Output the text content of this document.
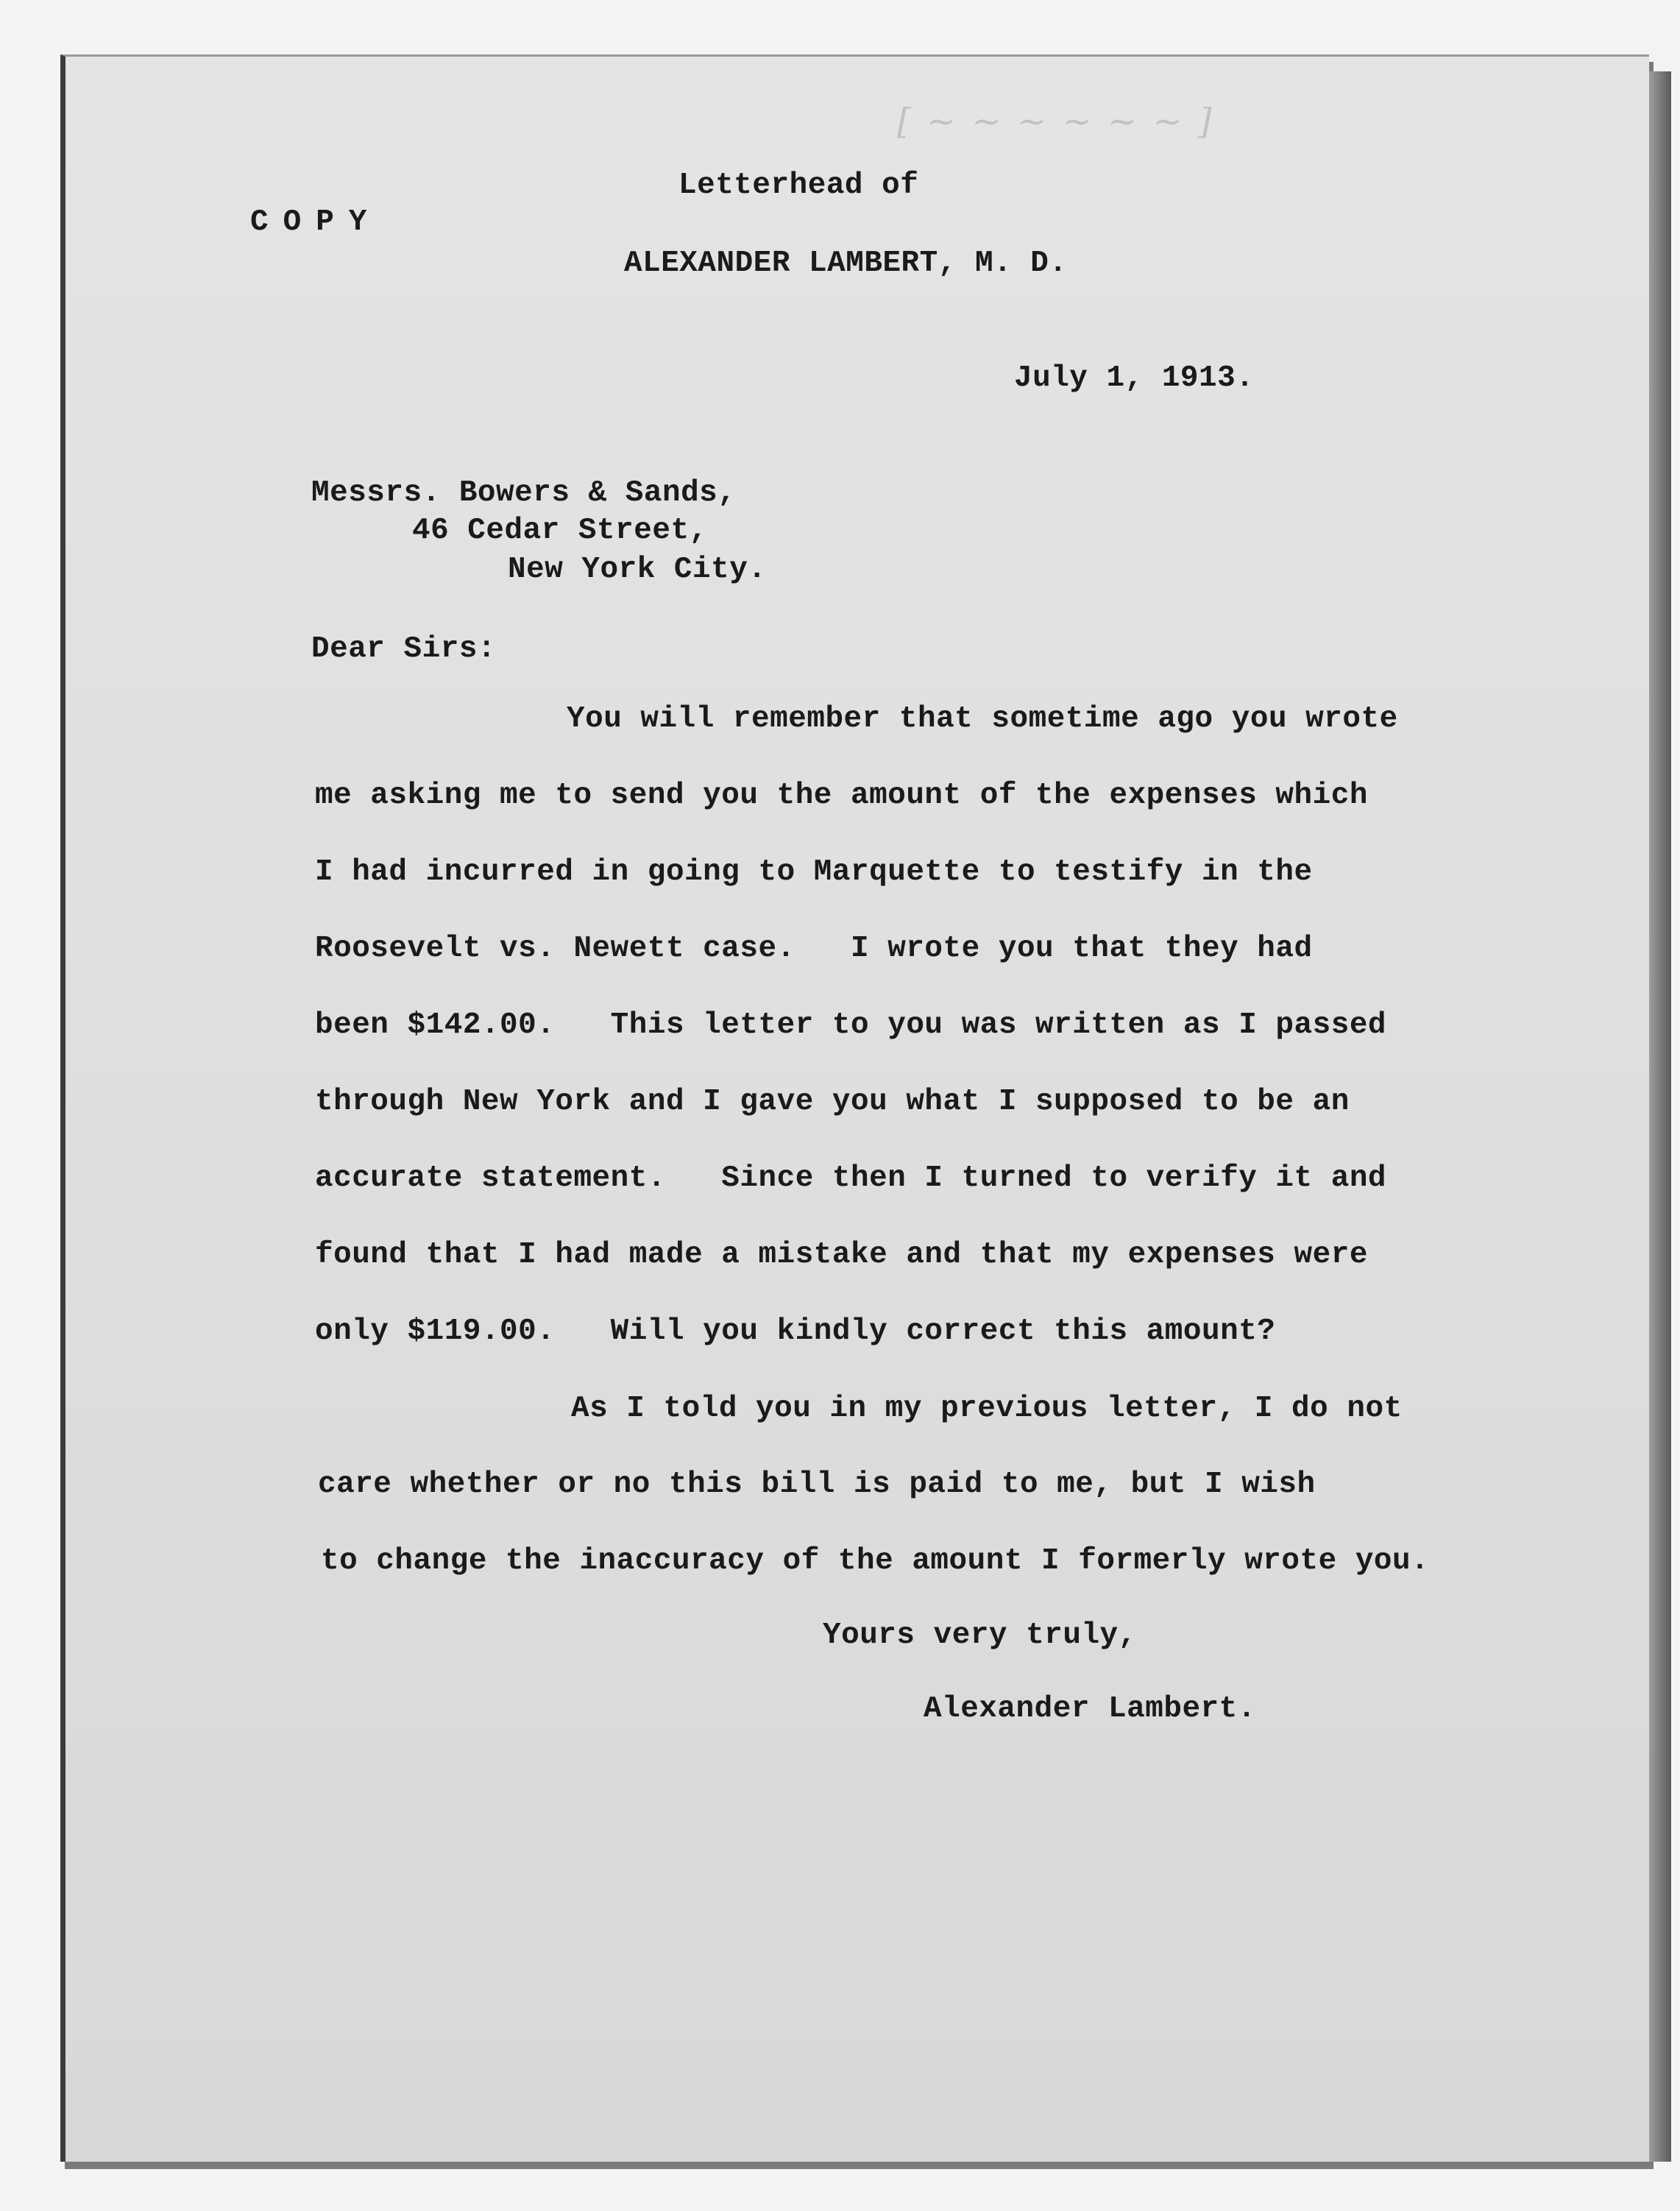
[ ~ ~ ~ ~ ~ ~ ]
COPY
Letterhead of
ALEXANDER LAMBERT, M. D.
July 1, 1913.
Messrs. Bowers & Sands,
46 Cedar Street,
New York City.
Dear Sirs:
You will remember that sometime ago you wrote
me asking me to send you the amount of the expenses which
I had incurred in going to Marquette to testify in the
Roosevelt vs. Newett case.   I wrote you that they had
been $142.00.   This letter to you was written as I passed
through New York and I gave you what I supposed to be an
accurate statement.   Since then I turned to verify it and
found that I had made a mistake and that my expenses were
only $119.00.   Will you kindly correct this amount?
As I told you in my previous letter, I do not
care whether or no this bill is paid to me, but I wish
to change the inaccuracy of the amount I formerly wrote you.
Yours very truly,
Alexander Lambert.
